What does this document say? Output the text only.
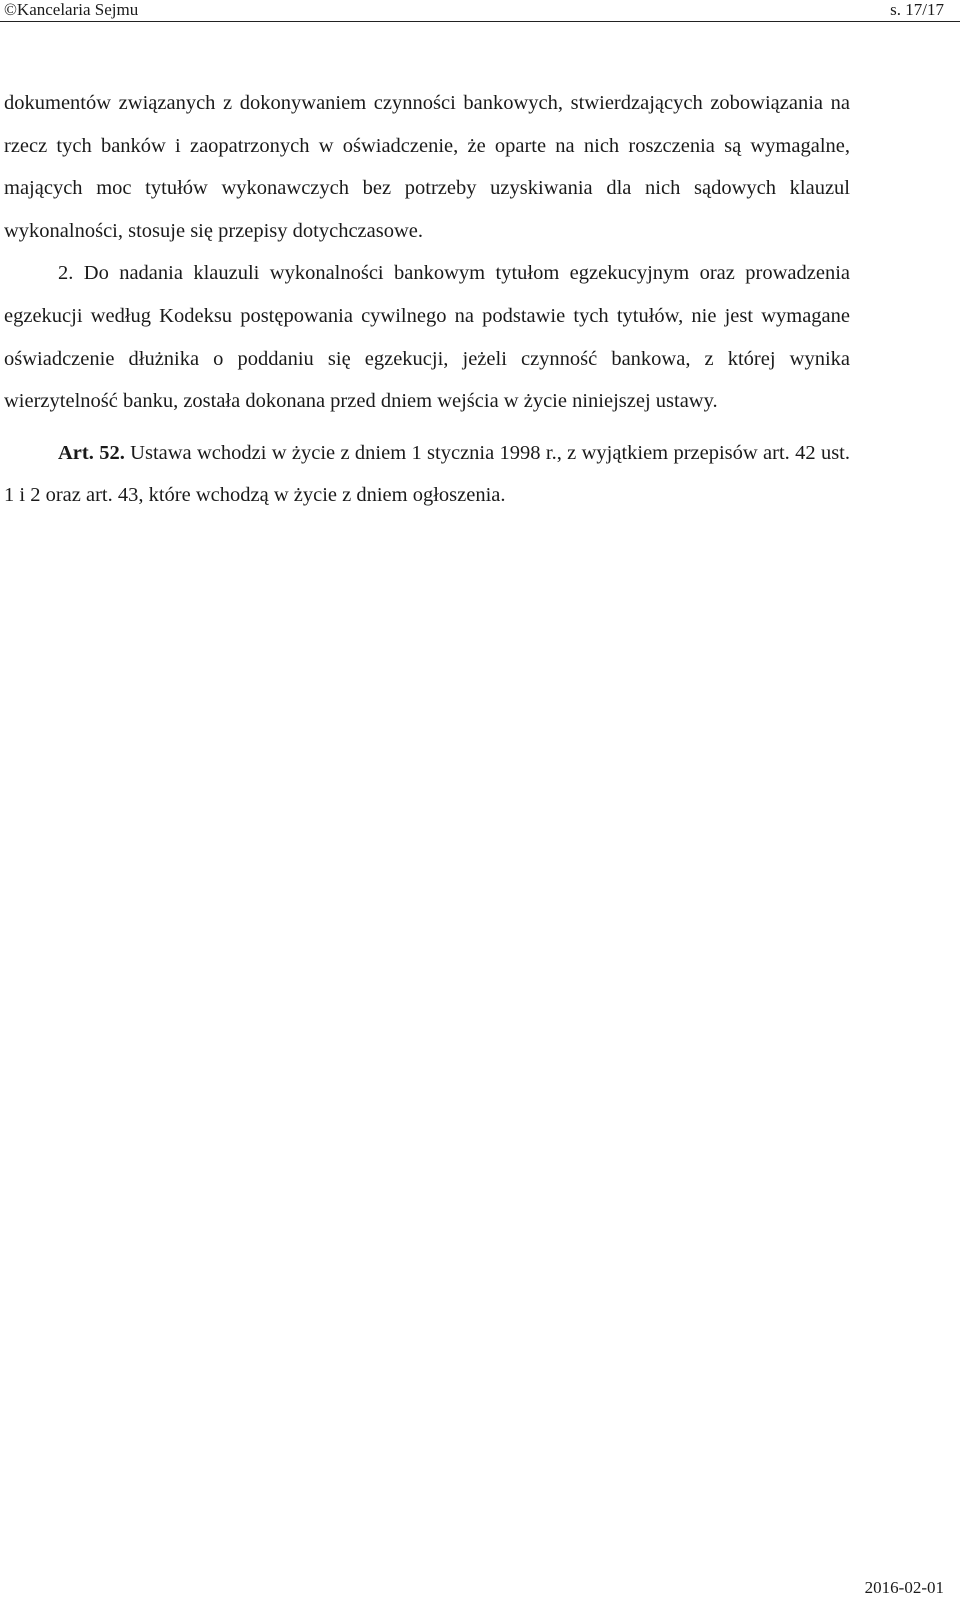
©Kancelaria Sejmu	s. 17/17

dokumentów związanych z dokonywaniem czynności bankowych, stwierdzających zobowiązania na rzecz tych banków i zaopatrzonych w oświadczenie, że oparte na nich roszczenia są wymagalne, mających moc tytułów wykonawczych bez potrzeby uzyskiwania dla nich sądowych klauzul wykonalności, stosuje się przepisy dotychczasowe.

2. Do nadania klauzuli wykonalności bankowym tytułom egzekucyjnym oraz prowadzenia egzekucji według Kodeksu postępowania cywilnego na podstawie tych tytułów, nie jest wymagane oświadczenie dłużnika o poddaniu się egzekucji, jeżeli czynność bankowa, z której wynika wierzytelność banku, została dokonana przed dniem wejścia w życie niniejszej ustawy.

Art. 52. Ustawa wchodzi w życie z dniem 1 stycznia 1998 r., z wyjątkiem przepisów art. 42 ust. 1 i 2 oraz art. 43, które wchodzą w życie z dniem ogłoszenia.

2016-02-01
